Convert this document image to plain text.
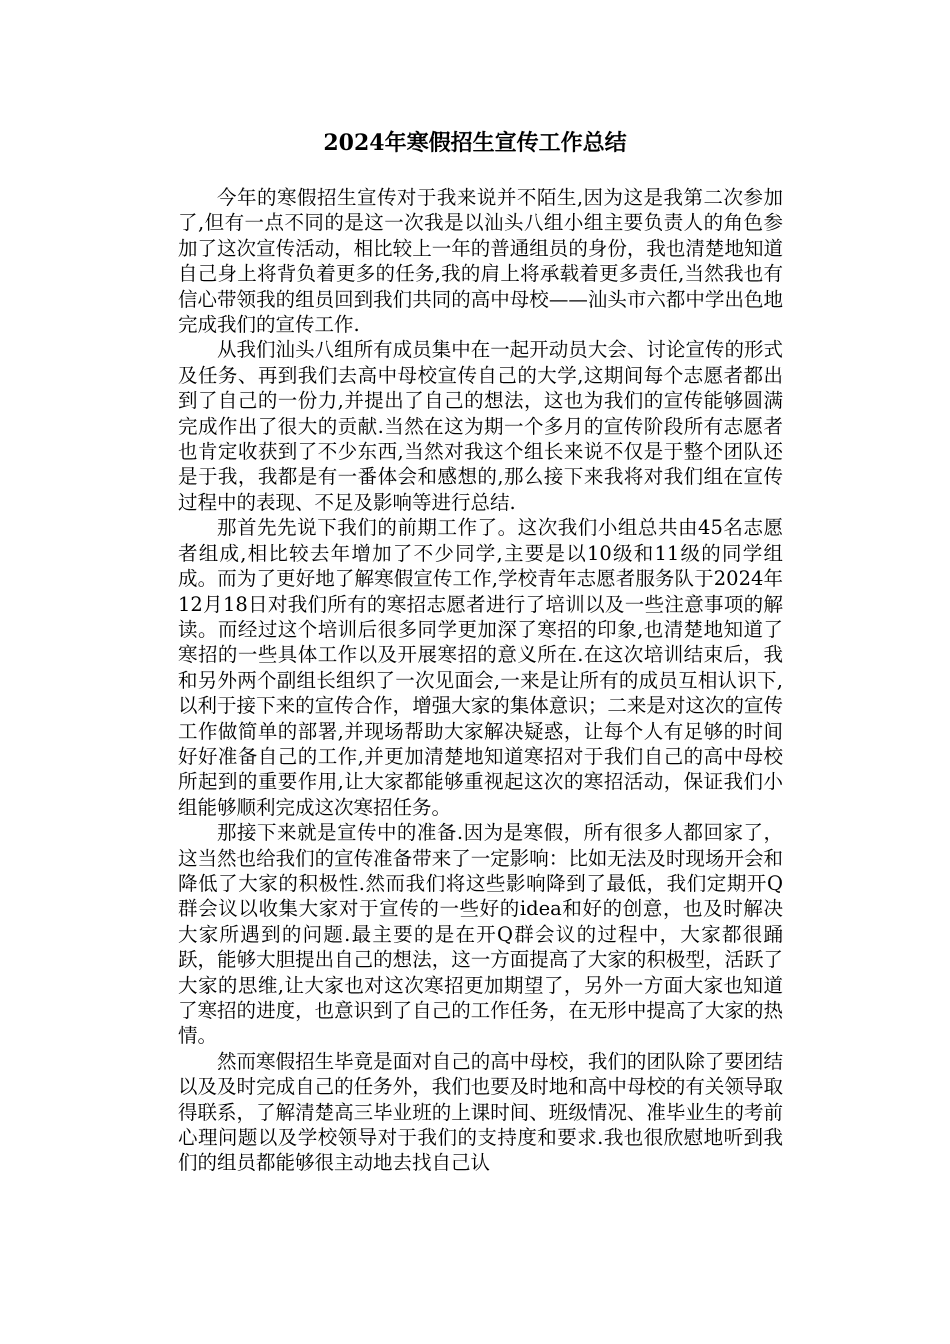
2024年寒假招生宣传工作总结

今年的寒假招生宣传对于我来说并不陌生,因为这是我第二次参加了,但有一点不同的是这一次我是以汕头八组小组主要负责人的角色参加了这次宣传活动，相比较上一年的普通组员的身份，我也清楚地知道自己身上将背负着更多的任务,我的肩上将承载着更多责任,当然我也有信心带领我的组员回到我们共同的高中母校——汕头市六都中学出色地完成我们的宣传工作.

从我们汕头八组所有成员集中在一起开动员大会、讨论宣传的形式及任务、再到我们去高中母校宣传自己的大学,这期间每个志愿者都出到了自己的一份力,并提出了自己的想法，这也为我们的宣传能够圆满完成作出了很大的贡献.当然在这为期一个多月的宣传阶段所有志愿者也肯定收获到了不少东西,当然对我这个组长来说不仅是于整个团队还是于我，我都是有一番体会和感想的,那么接下来我将对我们组在宣传过程中的表现、不足及影响等进行总结.

那首先先说下我们的前期工作了。这次我们小组总共由45名志愿者组成,相比较去年增加了不少同学,主要是以10级和11级的同学组成。而为了更好地了解寒假宣传工作,学校青年志愿者服务队于2024年12月18日对我们所有的寒招志愿者进行了培训以及一些注意事项的解读。而经过这个培训后很多同学更加深了寒招的印象,也清楚地知道了寒招的一些具体工作以及开展寒招的意义所在.在这次培训结束后，我和另外两个副组长组织了一次见面会,一来是让所有的成员互相认识下,以利于接下来的宣传合作，增强大家的集体意识；二来是对这次的宣传工作做简单的部署,并现场帮助大家解决疑惑，让每个人有足够的时间好好准备自己的工作,并更加清楚地知道寒招对于我们自己的高中母校所起到的重要作用,让大家都能够重视起这次的寒招活动，保证我们小组能够顺利完成这次寒招任务。

那接下来就是宣传中的准备.因为是寒假，所有很多人都回家了，这当然也给我们的宣传准备带来了一定影响：比如无法及时现场开会和降低了大家的积极性.然而我们将这些影响降到了最低，我们定期开Q群会议以收集大家对于宣传的一些好的idea和好的创意，也及时解决大家所遇到的问题.最主要的是在开Q群会议的过程中，大家都很踊跃，能够大胆提出自己的想法，这一方面提高了大家的积极型，活跃了大家的思维,让大家也对这次寒招更加期望了，另外一方面大家也知道了寒招的进度，也意识到了自己的工作任务，在无形中提高了大家的热情。

然而寒假招生毕竟是面对自己的高中母校，我们的团队除了要团结以及及时完成自己的任务外，我们也要及时地和高中母校的有关领导取得联系，了解清楚高三毕业班的上课时间、班级情况、准毕业生的考前心理问题以及学校领导对于我们的支持度和要求.我也很欣慰地听到我们的组员都能够很主动地去找自己认
